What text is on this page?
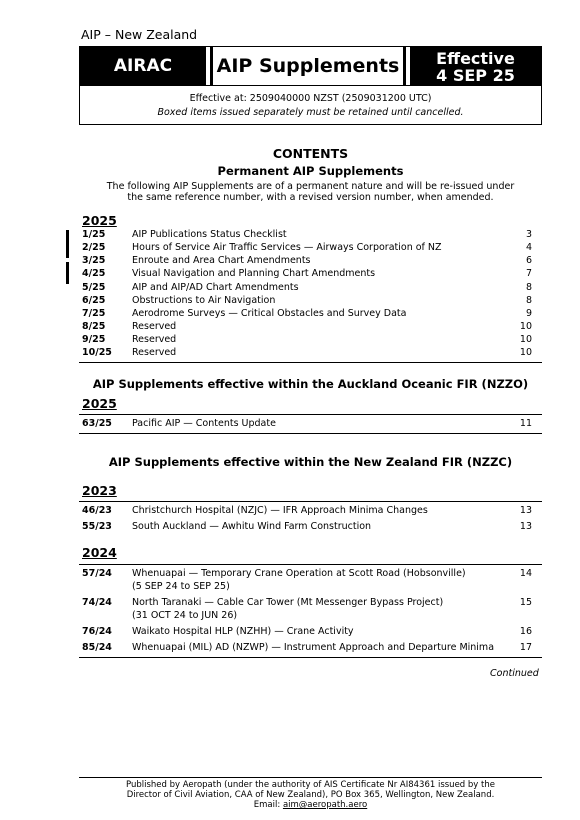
AIP – New Zealand
AIRAC	AIP Supplements	Effective
4 SEP 25
Effective at: 2509040000 NZST (2509031200 UTC)
Boxed items issued separately must be retained until cancelled.
CONTENTS
Permanent AIP Supplements
The following AIP Supplements are of a permanent nature and will be re-issued under
the same reference number, with a revised version number, when amended.
2025
1/25	AIP Publications Status Checklist	3
2/25	Hours of Service Air Traffic Services — Airways Corporation of NZ	4
3/25	Enroute and Area Chart Amendments	6
4/25	Visual Navigation and Planning Chart Amendments	7
5/25	AIP and AIP/AD Chart Amendments	8
6/25	Obstructions to Air Navigation	8
7/25	Aerodrome Surveys — Critical Obstacles and Survey Data	9
8/25	Reserved	10
9/25	Reserved	10
10/25 Reserved	10
AIP Supplements effective within the Auckland Oceanic FIR (NZZO)
2025
63/25 Pacific AIP — Contents Update	11
AIP Supplements effective within the New Zealand FIR (NZZC)
2023
46/23 Christchurch Hospital (NZJC) — IFR Approach Minima Changes	13
55/23 South Auckland — Awhitu Wind Farm Construction	13
2024
57/24 Whenuapai — Temporary Crane Operation at Scott Road (Hobsonville)
(5 SEP 24 to SEP 25)
14
74/24 North Taranaki — Cable Car Tower (Mt Messenger Bypass Project)
(31 OCT 24 to JUN 26)
15
76/24 Waikato Hospital HLP (NZHH) — Crane Activity	16
85/24 Whenuapai (MIL) AD (NZWP) — Instrument Approach and Departure Minima	17
Continued
Published by Aeropath (under the authority of AIS Certificate Nr AI84361 issued by the
Director of Civil Aviation, CAA of New Zealand), PO Box 365, Wellington, New Zealand.
Email: aim@aeropath.aero
